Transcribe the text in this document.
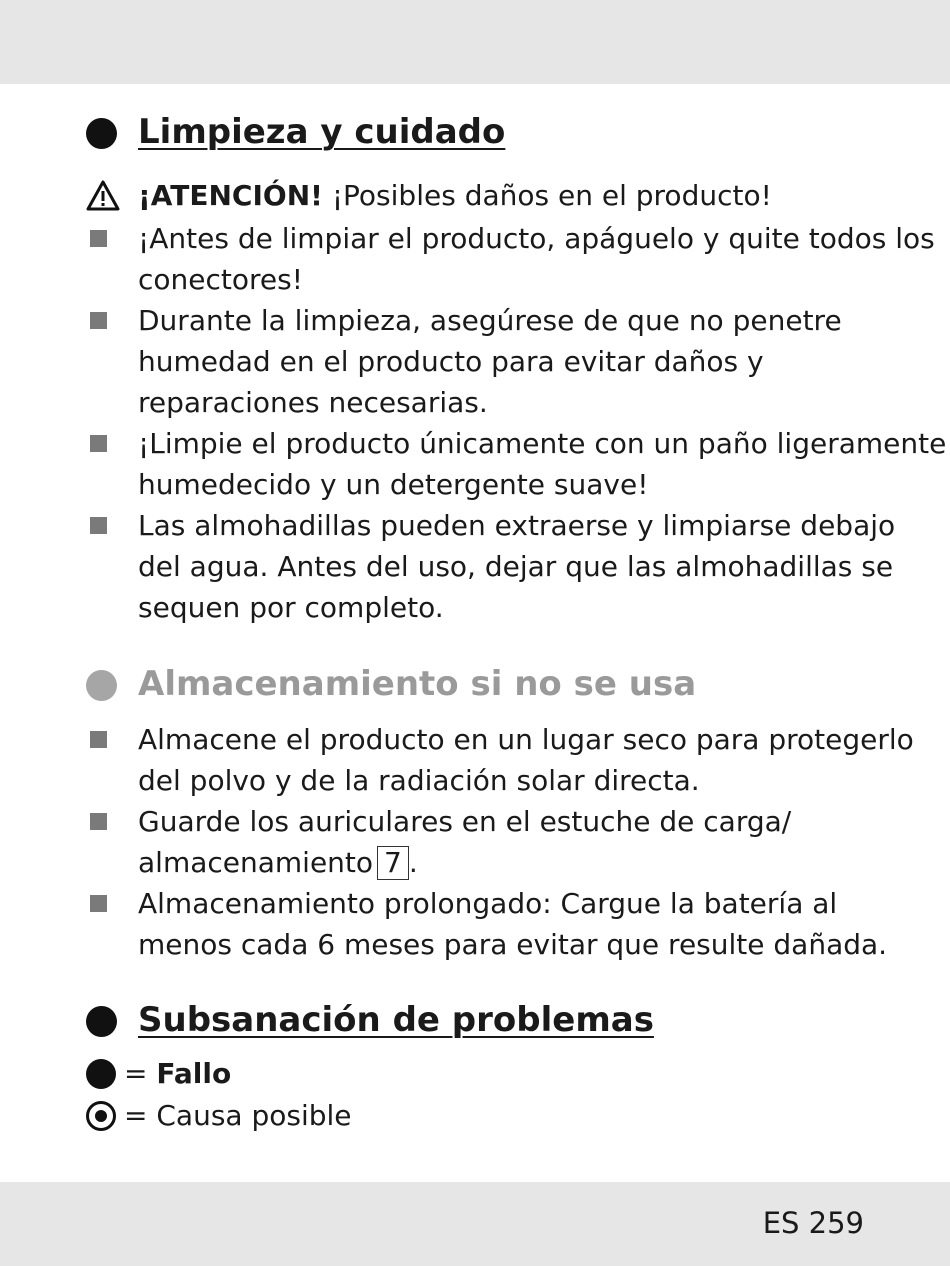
Limpieza y cuidado
¡ATENCIÓN! ¡Posibles daños en el producto!
¡Antes de limpiar el producto, apáguelo y quite todos los
conectores!
Durante la limpieza, asegúrese de que no penetre
humedad en el producto para evitar daños y
reparaciones necesarias.
¡Limpie el producto únicamente con un paño ligeramente
humedecido y un detergente suave!
Las almohadillas pueden extraerse y limpiarse debajo
del agua. Antes del uso, dejar que las almohadillas se
sequen por completo.
Almacenamiento si no se usa
Almacene el producto en un lugar seco para protegerlo
del polvo y de la radiación solar directa.
Guarde los auriculares en el estuche de carga/
almacenamiento 7 .
Almacenamiento prolongado: Cargue la batería al
menos cada 6 meses para evitar que resulte dañada.
Subsanación de problemas
= Fallo
= Causa posible
ES 259
